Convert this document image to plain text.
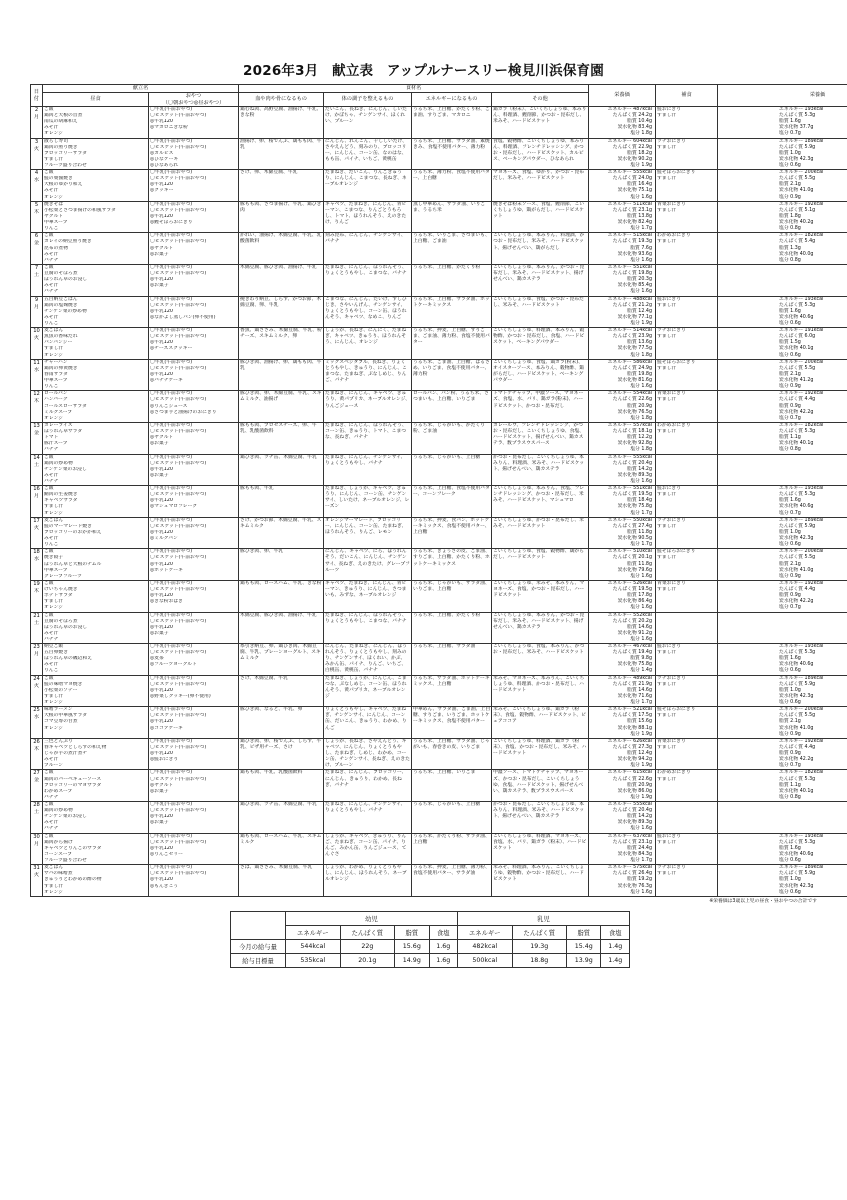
2026年3月　献立表　アップルナースリー検見川浜保育園
日付	献立名		食材名				栄養価	補食	栄養価
	昼食	おやつ
（〇朝おやつ◎昼おやつ）	血や肉や骨になるもの	体の調子を整えるもの	エネルギーになるもの	その他			

2
月	ご飯
鶏肉と大根の旨煮
南瓜の胡麻和え
みそ汁
オレンジ	〇牛乳(午前おやつ)
〇ビスケット(午前おやつ)
◎牛乳120
◎マカロニきな粉	鶏むね肉、高野豆腐、油揚げ、牛乳、きな粉	だいこん、長ねぎ、にんじん、しいたけ、かぼちゃ、チンゲンサイ、ほくれい、プルーン	うるち米、上白糖、かたくり粉、ごま油、すりごま、マカロニ	鶏ガラ（粉末）、こいくちしょうゆ、本みりん、料理酒、鰹削節、かつお・昆布だし、米みそ、ハードビスケット	エネルギー 487kcal
たんぱく質 24.2g
脂質 10.4g
炭水化物 83.4g
塩分 1.8g	鮭おにぎり
すまし汁	エネルギー 193kcal
たんぱく質 5.3g
脂質 1.6g
炭水化物 37.7g
塩分 0.7g

3
火	散らし寿司
鶏肉の照り焼き
ブロッコリーサラダ
すまし汁
フルーツ盛り合わせ	〇牛乳(午前おやつ)
〇ビスケット(午前おやつ)
◎カルピス
◎ひなケーキ
◎ひなあられ	油揚げ、卵、桜でんぶ、鶏もも肉、牛乳	にんじん、れんこん、干ししいたけ、さやえんどう、刻みのり、ブロッコリー、にんじん、コーン缶、なのはな、もも缶、パイナ、いちご、黄桃缶	うるち米、上白糖、サラダ油、素焼きみ、食塩不使用バター、薄力粉	食塩、穀物酢、こいくちしょうゆ、本みりん、料理酒、フレンチドレッシング、かつお・昆布だし、ハードビスケット、カルピス、ベーキングパウダー、ひなあられ	エネルギー 604kcal
たんぱく質 22.9g
脂質 18.2g
炭水化物 90.2g
塩分 1.9g	ツナおにぎり
すまし汁	エネルギー 189kcal
たんぱく質 5.9g
脂質 1.0g
炭水化物 42.3g
塩分 0.6g

4
水	ご飯
鮭の栗醤焼き
大根のゆかり和え
みそ汁
オレンジ	〇牛乳(午前おやつ)
〇ビスケット(午前おやつ)
◎牛乳120
◎クッキー	さけ、卵、木綿豆腐、牛乳	たまねぎ、だいこん、りんごきゅうり、にんじん、こまつな、長ねぎ、ネーブルオレンジ	うるち米、薄力粉、食塩不使用バター、上白糖	マヨネーズ、食塩、ゆかり、かつお・昆布だし、米みそ、ハードビスケット	エネルギー 555kcal
たんぱく質 24.0g
脂質 16.4g
炭水化物 75.1g
塩分 1.6g	鮭そぼろおにぎり
すまし汁	エネルギー 200kcal
たんぱく質 5.5g
脂質 2.1g
炭水化物 41.0g
塩分 0.9g

5
木	焼きそば
小松菜とさつま揚げの和風サラダ
ヤクルト
中華スープ
りんご	〇牛乳(午前おやつ)
〇ビスケット(午前おやつ)
◎牛乳120
◎鰹そぼろおにぎり	豚もも肉、さつま揚げ、牛乳、鶏ひき肉	キャベツ、たまねぎ、にんじん、青ピーマン、こまつな、りんごとうもろし、トマト、ほうれんそう、えのきたけ、りんご	蒸し中華めん、サラダ油、いりごま、うるち米	焼きそば粉末ソース、食塩、鰹削節、こいくちしょうゆ、鶏がらだし、ハードビスケット	エネルギー 511kcal
たんぱく質 23.1g
脂質 13.8g
炭水化物 82.4g
塩分 1.7g	青菜おにぎり
すまし汁	エネルギー 192kcal
たんぱく質 5.1g
脂質 1.8g
炭水化物 40.2g
塩分 0.8g

6
金	ご飯
カレイの納豆照り焼き
昆布の煮物
みそ汁
バナナ	〇牛乳(午前おやつ)
〇ビスケット(午前おやつ)
◎ヤクルト
◎お菓子	かれい、油揚げ、木綿豆腐、牛乳、乳酸菌飲料	刻み昆布、にんじん、チンゲンサイ、バナナ	うるち米、いりごま、さつまいも、上白糖、ごま油	こいくちしょうゆ、本みりん、料理酒、かつお・昆布だし、米みそ、ハードビスケット、揚げせんべい、鶏がらだし	エネルギー 515kcal
たんぱく質 19.3g
脂質 7.6g
炭水化物 93.6g
塩分 1.6g	わかめおにぎり
すまし汁	エネルギー 182kcal
たんぱく質 5.4g
脂質 1.3g
炭水化物 40.0g
塩分 0.8g

7
土	ご飯
豆腐のそぼろ煮
ほうれん草のお浸し
みそ汁
バナナ	〇牛乳(午前おやつ)
〇ビスケット(午前おやつ)
◎牛乳120
◎お菓子	木綿豆腐、豚ひき肉、油揚げ、牛乳	たまねぎ、にんじん、ほうれんそう、りょくとうもやし、こまつな、バナナ	うるち米、上白糖、かたくり粉	こいくちしょうゆ、本みりん、かつお・昆布だし、米みそ、ハードビスケット、揚げせんべい、鶏カステラ	エネルギー 551kcal
たんぱく質 19.8g
脂質 20.3g
炭水化物 85.4g
塩分 1.6g		

9
月	五目納豆ごはん
鶏肉の塩麹焼き
チンゲン菜の炒め物
みそ汁
りんご	〇牛乳(午前おやつ)
〇ビスケット(午前おやつ)
◎牛乳120
◎なかよし蒸しパン(卵不使用)	挽きわり納豆、しらす、かつお節、木綿豆腐、卵、牛乳	こまつな、にんじん、たいげ、すしひじき、さやいんげん、チンゲンサイ、りょくとうもやし、コーン缶、ほうれんそう、キャベツ、なめこ、りんご	うるち米、上白糖、サラダ油、ホットケーキミックス	こいくちしょうゆ、食塩、かつお・昆布だし、米みそ、ハードビスケット	エネルギー 488kcal
たんぱく質 21.2g
脂質 12.4g
炭水化物 77.1g
塩分 1.9g	鮭おにぎり
すまし汁	エネルギー 193kcal
たんぱく質 5.3g
脂質 1.6g
炭水化物 40.6g
塩分 0.6g

10
火	麦ごはん
魚魚の香味だれ
パンパンジー
すまし汁
オレンジ	〇牛乳(午前おやつ)
〇ビスケット(午前おやつ)
◎牛乳120
◎チーズスクッキー	香魚、鶏ささみ、木綿豆腐、牛乳、粉チーズ、スキムミルク、卵	しょうが、長ねぎ、にんにく、たまねぎ、キャベツ、きゅうり、ほうれんそう、にんじん、オレンジ	うるち米、押麦、上白糖、すりごま、ごま油、薄力粉、食塩不使用バター	こいくちしょうゆ、料理酒、本みりん、穀物酢、かつお・昆布だし、食塩、ハードビスケット、ベーキングパウダー	エネルギー 514kcal
たんぱく質 23.9g
脂質 13.6g
炭水化物 77.5g
塩分 1.8g	ツナおにぎり
すまし汁	エネルギー 191kcal
たんぱく質 6.0g
脂質 1.5g
炭水化物 40.1g
塩分 0.6g

11
水	チャーハン
鶏肉の卵黄焼き
春雨サラダ
中華スープ
りんご	〇牛乳(午前おやつ)
〇ビスケット(午前おやつ)
◎牛乳120
◎バナナケーキ	豚ひき肉、油揚げ、卵、鶏もも肉、牛乳	ミックスベジタブル、長ねぎ、りょくとうもやし、きゅうり、にんじん、こまつな、たまねぎ、ぶなしめじ、りんご、バナナ	うるち米、ごま油、上白糖、はるさめ、いりごま、食塩不使用バター、薄力粉	こいくちしょうゆ、食塩、鶏ガラ(粉末)、オイスターソース、本みりん、穀物酢、鶏がらだし、ハードビスケット、ベーキングパウダー	エネルギー 586kcal
たんぱく質 24.9g
脂質 19.8g
炭水化物 81.6g
塩分 1.6g	鮭そぼろおにぎり
すまし汁	エネルギー 200kcal
たんぱく質 5.5g
脂質 2.1g
炭水化物 41.2g
塩分 0.9g

12
木	ロールパン
ハンバーグ
コールスローサラダ
ミルクスープ
オレンジ	〇牛乳(午前おやつ)
〇ビスケット(午前おやつ)
◎りんごジュース
◎さつま芋と油揚げのおにぎり	豚ひき肉、卵、木綿豆腐、牛乳、スキムミルク、油揚げ	たまねぎ、にんじん、キャベツ、きゅうり、黄パプリカ、ネーブルオレンジ、りんごジュース	ロールパン、パン粉、うるち米、さつまいも、上白糖、いりごま	トマトケチャップ、中濃ソース、マヨネーズ、食塩、水、バリ、鶏ガラ(粉末)、ハードビスケット、かつお・昆布だし	エネルギー 554kcal
たんぱく質 22.6g
脂質 20.9g
炭水化物 76.5g
塩分 1.8g	青菜おにぎり
すまし汁	エネルギー 192kcal
たんぱく質 4.4g
脂質 0.9g
炭水化物 42.2g
塩分 0.7g

13
金	カレーライス
ほうれん草サラダ
トマト
豚汁スープ
バナナ	〇牛乳(午前おやつ)
〇ビスケット(午前おやつ)
◎ヤクルト
◎お菓子	豚もも肉、プロセスチーズ、卵、牛乳、乳酸菌飲料	たまねぎ、にんじん、ほうれんそう、コーン缶、きゅうり、トマト、こまつな、長ねぎ、バナナ	うるち米、じゃがいも、かたくり粉、ごま油	カレールウ、フレンチドレッシング、かつお・昆布だし、こいくちしょうゆ、食塩、ハードビスケット、揚げせんべい、鶏カステラ、数プラスウスパース	エネルギー 557kcal
たんぱく質 18.1g
脂質 12.2g
炭水化物 92.8g
塩分 1.8g	わかめおにぎり
すまし汁	エネルギー 182kcal
たんぱく質 5.3g
脂質 1.1g
炭水化物 40.1g
塩分 0.8g

14
土	ご飯
鶏肉の炒め物
チンゲン菜のお浸し
みそ汁
バナナ	〇牛乳(午前おやつ)
〇ビスケット(午前おやつ)
◎牛乳120
◎お菓子	鶏ひき肉、ツナ缶、木綿豆腐、牛乳	たまねぎ、にんじん、チンゲンサイ、りょくとうもやし、バナナ	うるち米、じゃがいも、上白糖	かつお・昆布だし、こいくちしょうゆ、本みりん、料理酒、米みそ、ハードビスケット、揚げせんべい、鶏カステラ	エネルギー 555kcal
たんぱく質 20.4g
脂質 14.2g
炭水化物 89.3g
塩分 1.6g		

16
月	ご飯
鯖肉の生姜焼き
キャベツサラダ
すまし汁
オレンジ	〇牛乳(午前おやつ)
〇ビスケット(午前おやつ)
◎牛乳120
◎マシュマロフレーク	豚もも肉、牛乳	たまねぎ、しょうが、キャベツ、きゅうり、にんじん、コーン缶、チンゲンサイ、しいたけ、ネーブルオレンジ、レーズン	うるち米、上白糖、食塩不使用バター、コーンフレーク	こいくちしょうゆ、本みりん、食塩、フレンチドレッシング、かつお・昆布だし、米みそ、ハードビスケット、マシュマロ	エネルギー 551kcal
たんぱく質 19.5g
脂質 18.4g
炭水化物 75.8g
塩分 1.7g	鮭おにぎり
すまし汁	エネルギー 193kcal
たんぱく質 5.3g
脂質 1.6g
炭水化物 40.6g
塩分 0.7g

17
火	麦ごはん
鮭のマーマレード焼き
ブロッコリーのおかか和え
みそ汁
りんご	〇牛乳(午前おやつ)
〇ビスケット(午前おやつ)
◎牛乳120
◎ミルクパン	さけ、かつお節、木綿豆腐、牛乳、スキムミルク	オレンジマーマレード、ブロッコリー、にんじん、コーン缶、たまねぎ、ほうれんそう、りんご、レモン	うるち米、押麦、食パン、ホットケーキミックス、食塩不使用バター、上白糖	こいくちしょうゆ、かつお・昆布だし、米みそ、ハードビスケット	エネルギー 550kcal
たんぱく質 27.4g
脂質 11.8g
炭水化物 90.5g
塩分 1.7g	ツナおにぎり
すまし汁	エネルギー 189kcal
たんぱく質 5.9g
脂質 1.0g
炭水化物 42.3g
塩分 0.6g

18
水	ご飯
焼き餃子
ほうれん草と大根のナムル
中華スープ
グレープフルーツ	〇牛乳(午前おやつ)
〇ビスケット(午前おやつ)
◎牛乳120
◎ホットケーキ	豚ひき肉、卵、牛乳	にんじん、キャベツ、にら、ほうれんそう、だいこん、にんじん、チンゲンサイ、長ねぎ、えのきたけ、グレープフルーツ	うるち米、ぎょうざの皮、ごま油、すりごま、上白糖、かたくり粉、ホットケーキミックス	こいくちしょうゆ、食塩、穀物酢、鶏がらだし、ハードビスケット	エネルギー 510kcal
たんぱく質 20.1g
脂質 11.8g
炭水化物 79.6g
塩分 1.6g	鮭そぼろおにぎり
すまし汁	エネルギー 200kcal
たんぱく質 5.5g
脂質 2.1g
炭水化物 41.0g
塩分 0.9g

19
木	ご飯
けいちゃん焼き
ポテトサラダ
すまし汁
オレンジ	〇牛乳(午前おやつ)
〇ビスケット(午前おやつ)
◎牛乳120
◎きな粉おはぎ	鶏もも肉、ロースハム、牛乳、きな粉	キャベツ、たまねぎ、にんじん、青ピーマン、きゅうり、にんじん、さつまいも、みずな、ネーブルオレンジ	うるち米、じゃがいも、サラダ油、いりごま、上白糖	こいくちしょうゆ、米みそ、本みりん、マヨネーズ、食塩、かつお・昆布だし、ハードビスケット	エネルギー 526kcal
たんぱく質 19.5g
脂質 17.8g
炭水化物 86.4g
塩分 1.6g	青菜おにぎり
すまし汁	エネルギー 192kcal
たんぱく質 4.4g
脂質 0.9g
炭水化物 42.2g
塩分 0.7g

21
土	ご飯
豆腐のそぼろ煮
ほうれん草のお浸し
みそ汁
バナナ	〇牛乳(午前おやつ)
〇ビスケット(午前おやつ)
◎牛乳120
◎お菓子	木綿豆腐、豚ひき肉、油揚げ、牛乳	たまねぎ、にんじん、ほうれんそう、りょくとうもやし、こまつな、バナナ	うるち米、上白糖、かたくり粉	こいくちしょうゆ、本みりん、かつお・昆布だし、米みそ、ハードビスケット、揚げせんべい、鶏カステラ	エネルギー 552kcal
たんぱく質 20.2g
脂質 14.6g
炭水化物 91.2g
塩分 1.6g		

23
月	納豆ご飯
五目卵焼き
ほうれん草の磯辺和え
みそ汁
りんご	〇牛乳(午前おやつ)
〇ビスケット(午前おやつ)
◎麦茶
◎フルーツヨーグルト	糸引き納豆、卵、鶏ひき肉、木綿豆腐、牛乳、プレーンヨーグルト、スキムミルク	にんじん、たまねぎ、にんじん、ほうれんそう、りょくとうもやし、刻みのり、チンゲンサイ、ほくれい、かぶ、みかん缶、パイナ、りんご、いちご、白桃缶、黄桃缶、バナナ	うるち米、上白糖、サラダ油	こいくちしょうゆ、食塩、本みりん、かつお・昆布だし、米みそ、ハードビスケット	エネルギー 467kcal
たんぱく質 19.4g
脂質 9.8g
炭水化物 75.8g
塩分 1.4g	鮭おにぎり
すまし汁	エネルギー 193kcal
たんぱく質 5.3g
脂質 1.6g
炭水化物 40.6g
塩分 0.6g

24
火	ご飯
鮭の味噌マヨ焼き
小松菜のソテー
すまし汁
オレンジ	〇牛乳(午前おやつ)
〇ビスケット(午前おやつ)
◎牛乳120
◎野菜しクッキー(卵不使用)	さけ、木綿豆腐、牛乳	たまねぎ、しょうが、にんじん、こまつな、ぶなしめじ、コーン缶、ほうれんそう、黄パプリカ、ネーブルオレンジ	うるち米、サラダ油、ホットケーキミックス、上白糖	米みそ、マヨネーズ、本みりん、こいくちしょうゆ、料理酒、かつお・昆布だし、ハードビスケット	エネルギー 489kcal
たんぱく質 21.9g
脂質 14.6g
炭水化物 71.6g
塩分 1.7g	ツナおにぎり
すまし汁	エネルギー 189kcal
たんぱく質 5.9g
脂質 1.0g
炭水化物 42.3g
塩分 0.6g

25
水	味噌ラーメン
大根の中華風サラダ
ゴマ豆専の甘煮
オレンジ	〇牛乳(午前おやつ)
〇ビスケット(午前おやつ)
◎牛乳120
◎ココアケーキ	豚ひき肉、なると、牛乳、卵	りょくとうもやし、キャベツ、たまねぎ、チンゲンサイ、にんじん、コーン缶、だいこん、きゅうり、わかめ、りんご	中華めん、サラダ油、ごま油、上白糖、すりごま、いりごま、ホットケーキミックス、食塩不使用バター	米みそ、こいくちしょうゆ、鶏ガラ（粉末）、食塩、穀物酢、ハードビスケット、ピュアココア	エネルギー 521kcal
たんぱく質 17.5g
脂質 15.6g
炭水化物 88.1g
塩分 1.9g	鮭そぼろおにぎり
すまし汁	エネルギー 200kcal
たんぱく質 5.5g
脂質 2.1g
炭水化物 41.0g
塩分 0.9g

26
木	三色どんぶり
春キャベツとしらすの和え物
じゃが芋の煮汁煮チ
みそ汁
プルーン	〇牛乳(午前おやつ)
〇ビスケット(午前おやつ)
◎牛乳120
◎鮭おにぎり	鶏ひき肉、卵、桜でんぶ、しらす、牛乳、ピザ用チーズ、さけ	しょうが、長ねぎ、さやえんどう、キャベツ、にんじん、りょくとうもやし、たまねぎ、しめじ、わかめ、コーン缶、チンゲンサイ、長ねぎ、えのきたけ、プルーン	うるち米、上白糖、サラダ油、じゃがいも、春巻きの皮、いりごま	こいくちしょうゆ、料理酒、鶏ガラ（粉末）、食塩、かつお・昆布だし、米みそ、ハードビスケット	エネルギー 626kcal
たんぱく質 27.3g
脂質 12.4g
炭水化物 94.2g
塩分 1.9g	青菜おにぎり
すまし汁	エネルギー 192kcal
たんぱく質 4.4g
脂質 0.9g
炭水化物 42.2g
塩分 0.7g

27
金	ご飯
鶏肉のバーベキューソース
ブロッコリーのマヨサラダ
わかめスープ
バナナ	〇牛乳(午前おやつ)
〇ビスケット(午前おやつ)
◎ヤクルト
◎お菓子	鶏もも肉、牛乳、乳酸菌飲料	たまねぎ、にんじん、ブロッコリー、にんじん、きゅうり、わかめ、長ねぎ、バナナ	うるち米、上白糖、いりごま	中濃ソース、トマトケチャップ、マヨネーズ、かつお・昆布だし、こいくちしょうゆ、食塩、ハードビスケット、揚げせんべい、鶏カステラ、数プラスウスパース	エネルギー 615kcal
たんぱく質 22.6g
脂質 20.9g
炭水化物 86.0g
塩分 1.9g	わかめおにぎり
すまし汁	エネルギー 182kcal
たんぱく質 5.3g
脂質 1.1g
炭水化物 40.1g
塩分 0.8g

28
土	ご飯
鶏肉の炒め物
チンゲン菜のお浸し
みそ汁
バナナ	〇牛乳(午前おやつ)
〇ビスケット(午前おやつ)
◎牛乳120
◎お菓子	鶏ひき肉、ツナ缶、木綿豆腐、牛乳	たまねぎ、にんじん、チンゲンサイ、りょくとうもやし、バナナ	うるち米、じゃがいも、上白糖	かつお・昆布だし、こいくちしょうゆ、本みりん、料理酒、米みそ、ハードビスケット、揚げせんべい、鶏カステラ	エネルギー 555kcal
たんぱく質 20.4g
脂質 14.2g
炭水化物 89.3g
塩分 1.6g		

30
月	ご飯
鶏肉から揚げ
キャベツとりんごのサラダ
コーンスープ
フルーツ盛り合わせ	〇牛乳(午前おやつ)
〇ビスケット(午前おやつ)
◎牛乳120
◎りんごゼリー	鶏もも肉、ロースハム、牛乳、スキムミルク	しょうが、キャベツ、きゅうり、りんご、たまねぎ、コーン缶、パイナ、りんご、みかん缶、りんごジュース、てんぐさ	うるち米、かたくり粉、サラダ油、上白糖	こいくちしょうゆ、料理酒、マヨネーズ、食塩、水、バリ、鶏ガラ（粉末）、ハードビスケット	エネルギー 637kcal
たんぱく質 23.1g
脂質 24.4g
炭水化物 84.3g
塩分 1.7g	鮭おにぎり
すまし汁	エネルギー 193kcal
たんぱく質 5.3g
脂質 1.6g
炭水化物 40.6g
塩分 0.6g

31
火	麦ごはん
サバの味噌煮
きゅうりとわかめの酢の物
すまし汁
オレンジ	〇牛乳(午前おやつ)
〇ビスケット(午前おやつ)
◎牛乳120
◎もんぎこう	さば、鶏ささみ、木綿豆腐、牛乳	しょうが、わかめ、りょくとうもやし、にんじん、ほうれんそう、ネーブルオレンジ	うるち米、押麦、上白糖、薄力粉、食塩不使用バター、サラダ油	米みそ、料理酒、本みりん、こいくちしょうゆ、穀物酢、かつお・昆布だし、ハードビスケット	エネルギー 575kcal
たんぱく質 26.4g
脂質 19.2g
炭水化物 76.3g
塩分 1.6g	ツナおにぎり
すまし汁	エネルギー 189kcal
たんぱく質 5.9g
脂質 1.0g
炭水化物 42.3g
塩分 0.6g
※栄養価は3歳以上児の昼食・昼おやつの合計です
	幼児				乳児			
	エネルギー	たんぱく質	脂質	食塩	エネルギー	たんぱく質	脂質	食塩
今月の給与量	544kcal	22g	15.6g	1.6g	482kcal	19.3g	15.4g	1.4g
給与目標量	535kcal	20.1g	14.9g	1.6g	500kcal	18.8g	13.9g	1.4g
